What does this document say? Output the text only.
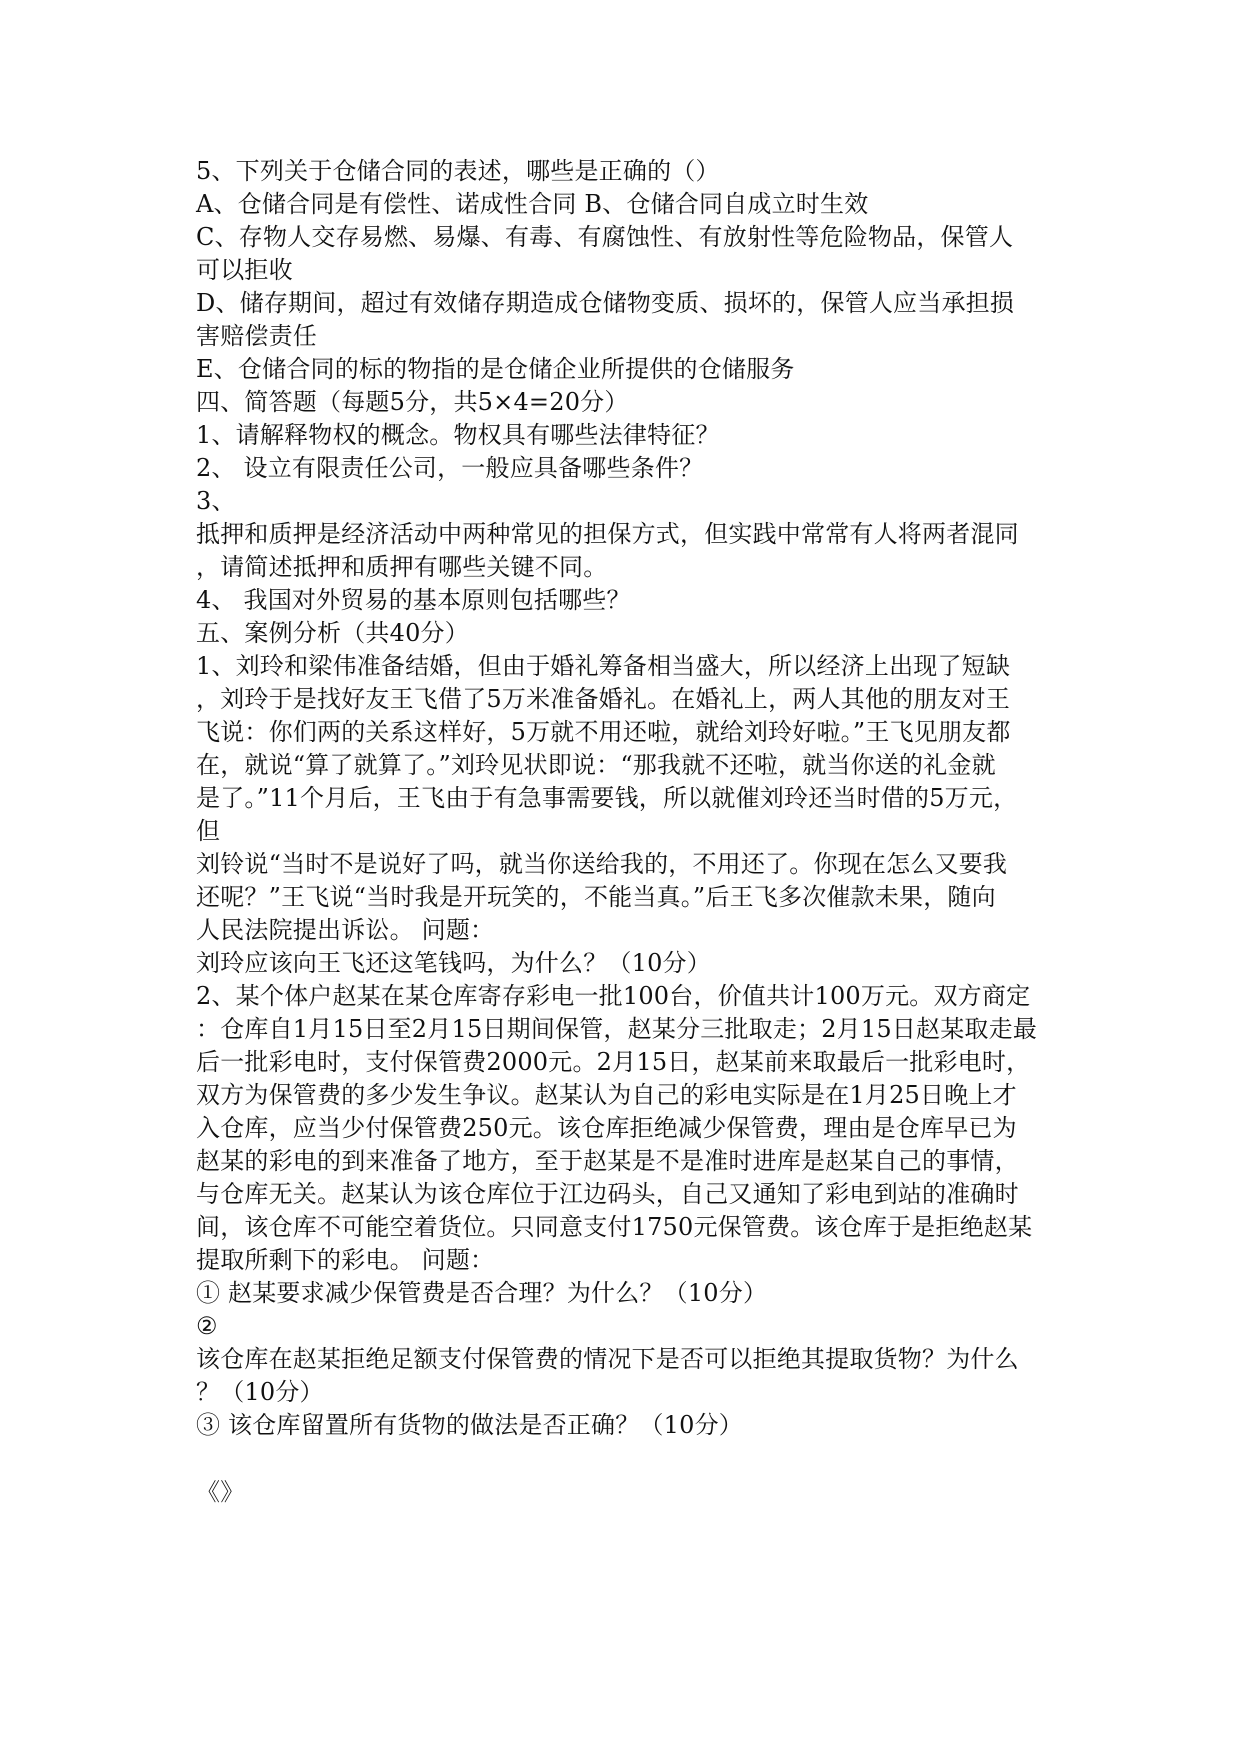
5、下列关于仓储合同的表述，哪些是正确的（）
A、仓储合同是有偿性、诺成性合同 B、仓储合同自成立时生效
C、存物人交存易燃、易爆、有毒、有腐蚀性、有放射性等危险物品，保管人
可以拒收
D、储存期间，超过有效储存期造成仓储物变质、损坏的，保管人应当承担损
害赔偿责任
E、仓储合同的标的物指的是仓储企业所提供的仓储服务
四、简答题（每题5分，共5×4=20分）
1、请解释物权的概念。物权具有哪些法律特征？
2、 设立有限责任公司，一般应具备哪些条件？
3、
抵押和质押是经济活动中两种常见的担保方式，但实践中常常有人将两者混同
，请简述抵押和质押有哪些关键不同。
4、 我国对外贸易的基本原则包括哪些？
五、案例分析（共40分）
1、刘玲和梁伟准备结婚，但由于婚礼筹备相当盛大，所以经济上出现了短缺
，刘玲于是找好友王飞借了5万米准备婚礼。在婚礼上，两人其他的朋友对王
飞说：你们两的关系这样好，5万就不用还啦，就给刘玲好啦。”王飞见朋友都
在，就说“算了就算了。”刘玲见状即说：“那我就不还啦，就当你送的礼金就
是了。”11个月后，王飞由于有急事需要钱，所以就催刘玲还当时借的5万元，
但
刘铃说“当时不是说好了吗，就当你送给我的，不用还了。你现在怎么又要我
还呢？”王飞说“当时我是开玩笑的，不能当真。”后王飞多次催款未果，随向
人民法院提出诉讼。 问题：
刘玲应该向王飞还这笔钱吗，为什么？（10分）
2、某个体户赵某在某仓库寄存彩电一批100台，价值共计100万元。双方商定
：仓库自1月15日至2月15日期间保管，赵某分三批取走；2月15日赵某取走最
后一批彩电时，支付保管费2000元。2月15日，赵某前来取最后一批彩电时，
双方为保管费的多少发生争议。赵某认为自己的彩电实际是在1月25日晚上才
入仓库，应当少付保管费250元。该仓库拒绝减少保管费，理由是仓库早已为
赵某的彩电的到来准备了地方，至于赵某是不是准时进库是赵某自己的事情，
与仓库无关。赵某认为该仓库位于江边码头，自己又通知了彩电到站的准确时
间，该仓库不可能空着货位。只同意支付1750元保管费。该仓库于是拒绝赵某
提取所剩下的彩电。 问题：
① 赵某要求减少保管费是否合理？为什么？（10分）
②
该仓库在赵某拒绝足额支付保管费的情况下是否可以拒绝其提取货物？为什么
？（10分）
③ 该仓库留置所有货物的做法是否正确？（10分）
《》
